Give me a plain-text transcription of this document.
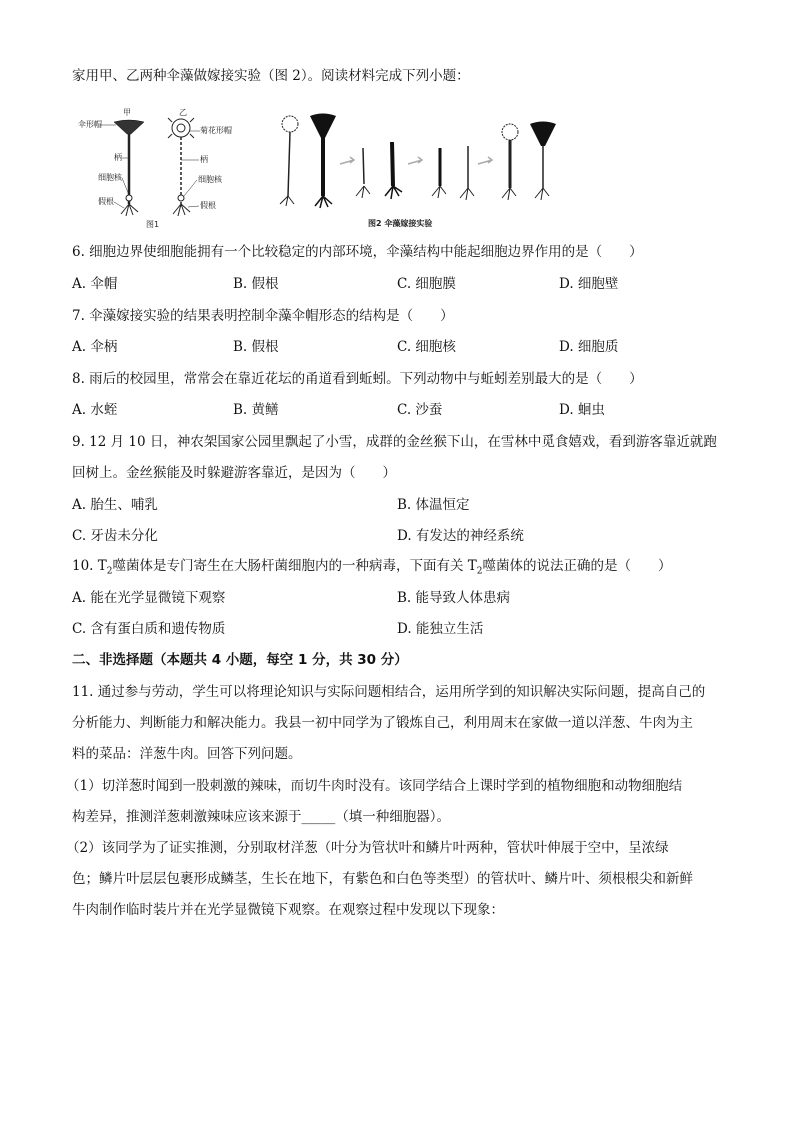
家用甲、乙两种伞藻做嫁接实验（图 2）。阅读材料完成下列小题：
甲	乙
伞形帽
菊花形帽
柄	柄
细胞核	细胞核
假根	假根
图1	图2 伞藻嫁接实验
6. 细胞边界使细胞能拥有一个比较稳定的内部环境，伞藻结构中能起细胞边界作用的是（　　）
A. 伞帽	B. 假根	C. 细胞膜	D. 细胞壁
7. 伞藻嫁接实验的结果表明控制伞藻伞帽形态的结构是（　　）
A. 伞柄	B. 假根	C. 细胞核	D. 细胞质
8. 雨后的校园里，常常会在靠近花坛的甬道看到蚯蚓。下列动物中与蚯蚓差别最大的是（　　）
A. 水蛭	B. 黄鳝	C. 沙蚕	D. 蛔虫
9. 12 月 10 日，神农架国家公园里飘起了小雪，成群的金丝猴下山，在雪林中觅食嬉戏，看到游客靠近就跑
回树上。金丝猴能及时躲避游客靠近，是因为（　　）
A. 胎生、哺乳	B. 体温恒定
C. 牙齿未分化	D. 有发达的神经系统
10. $T_2$噬菌体是专门寄生在大肠杆菌细胞内的一种病毒，下面有关 $T_2$噬菌体的说法正确的是（　　）
A. 能在光学显微镜下观察	B. 能导致人体患病
C. 含有蛋白质和遗传物质	D. 能独立生活
二、非选择题（本题共 4 小题，每空 1 分，共 30 分）
11. 通过参与劳动，学生可以将理论知识与实际问题相结合，运用所学到的知识解决实际问题，提高自己的
分析能力、判断能力和解决能力。我县一初中同学为了锻炼自己，利用周末在家做一道以洋葱、牛肉为主
料的菜品：洋葱牛肉。回答下列问题。
（1）切洋葱时闻到一股刺激的辣味，而切牛肉时没有。该同学结合上课时学到的植物细胞和动物细胞结
构差异，推测洋葱刺激辣味应该来源于_____（填一种细胞器）。
（2）该同学为了证实推测，分别取材洋葱（叶分为管状叶和鳞片叶两种，管状叶伸展于空中，呈浓绿
色；鳞片叶层层包裹形成鳞茎，生长在地下，有紫色和白色等类型）的管状叶、鳞片叶、须根根尖和新鲜
牛肉制作临时装片并在光学显微镜下观察。在观察过程中发现以下现象：
